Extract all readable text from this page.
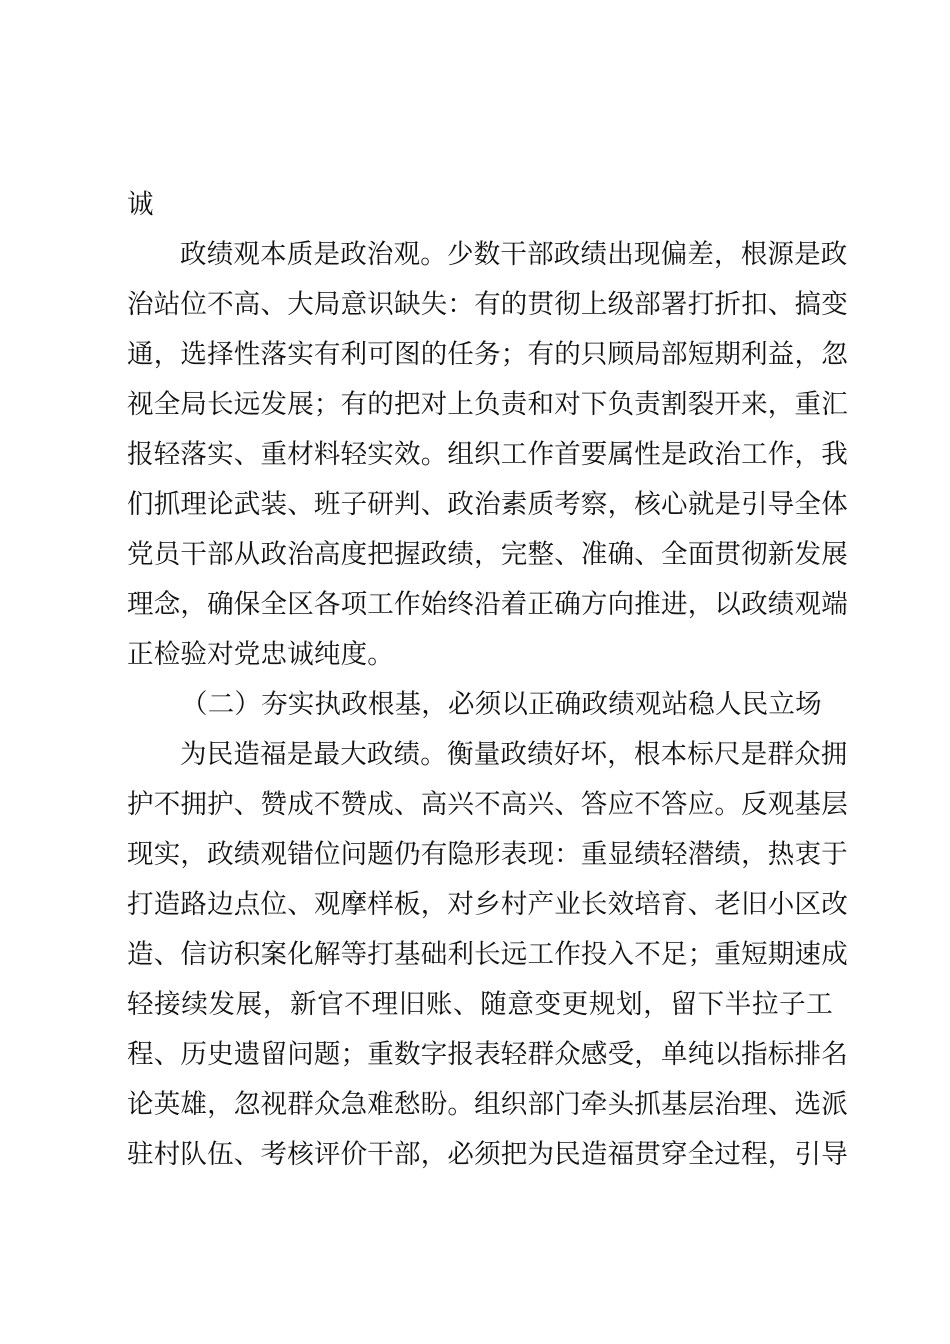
诚
政绩观本质是政治观。少数干部政绩出现偏差，根源是政
治站位不高、大局意识缺失：有的贯彻上级部署打折扣、搞变
通，选择性落实有利可图的任务；有的只顾局部短期利益，忽
视全局长远发展；有的把对上负责和对下负责割裂开来，重汇
报轻落实、重材料轻实效。组织工作首要属性是政治工作，我
们抓理论武装、班子研判、政治素质考察，核心就是引导全体
党员干部从政治高度把握政绩，完整、准确、全面贯彻新发展
理念，确保全区各项工作始终沿着正确方向推进，以政绩观端
正检验对党忠诚纯度。
（二）夯实执政根基，必须以正确政绩观站稳人民立场
为民造福是最大政绩。衡量政绩好坏，根本标尺是群众拥
护不拥护、赞成不赞成、高兴不高兴、答应不答应。反观基层
现实，政绩观错位问题仍有隐形表现：重显绩轻潜绩，热衷于
打造路边点位、观摩样板，对乡村产业长效培育、老旧小区改
造、信访积案化解等打基础利长远工作投入不足；重短期速成
轻接续发展，新官不理旧账、随意变更规划，留下半拉子工
程、历史遗留问题；重数字报表轻群众感受，单纯以指标排名
论英雄，忽视群众急难愁盼。组织部门牵头抓基层治理、选派
驻村队伍、考核评价干部，必须把为民造福贯穿全过程，引导
